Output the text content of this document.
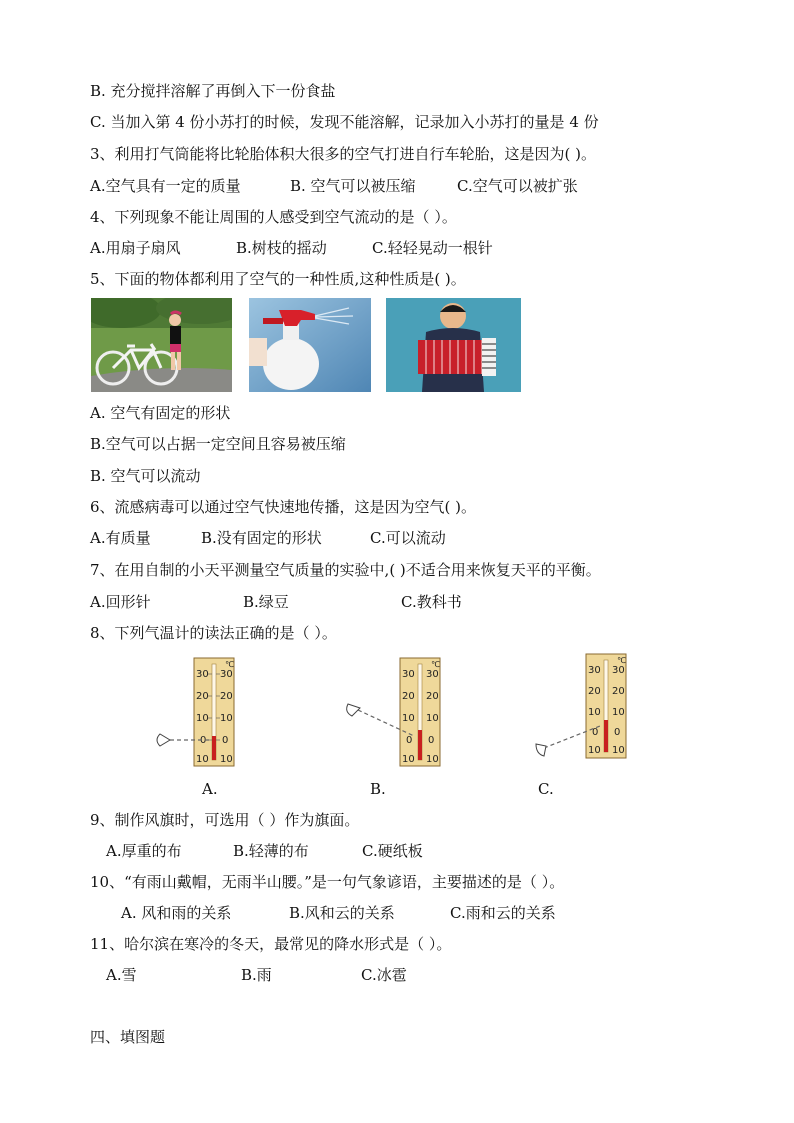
B. 充分搅拌溶解了再倒入下一份食盐
C. 当加入第 4 份小苏打的时候，发现不能溶解，记录加入小苏打的量是 4 份
3、利用打气筒能将比轮胎体积大很多的空气打进自行车轮胎，这是因为( )。
A.空气具有一定的质量	B. 空气可以被压缩	C.空气可以被扩张
4、下列现象不能让周围的人感受到空气流动的是（ ）。
A.用扇子扇风	B.树枝的摇动	C.轻轻晃动一根针
5、下面的物体都利用了空气的一种性质,这种性质是( )。
A. 空气有固定的形状
B.空气可以占据一定空间且容易被压缩
B. 空气可以流动
6、流感病毒可以通过空气快速地传播，这是因为空气( )。
A.有质量	B.没有固定的形状	C.可以流动
7、在用自制的小天平测量空气质量的实验中,( )不适合用来恢复天平的平衡。
A.回形针	B.绿豆	C.教科书
8、下列气温计的读法正确的是（ ）。
℃
30 30
20 20
10 10
0 0
10 10
℃
30 30
20 20
10 10
0 0
10 10
℃
30 30
20 20
10 10
0 0
10 10
A.	B.	C.
9、制作风旗时，可选用（ ）作为旗面。
A.厚重的布	B.轻薄的布	C.硬纸板
10、“有雨山戴帽，无雨半山腰。”是一句气象谚语，主要描述的是（ ）。
A. 风和雨的关系	B.风和云的关系	C.雨和云的关系
11、哈尔滨在寒冷的冬天，最常见的降水形式是（ ）。
A.雪	B.雨	C.冰雹
四、填图题
